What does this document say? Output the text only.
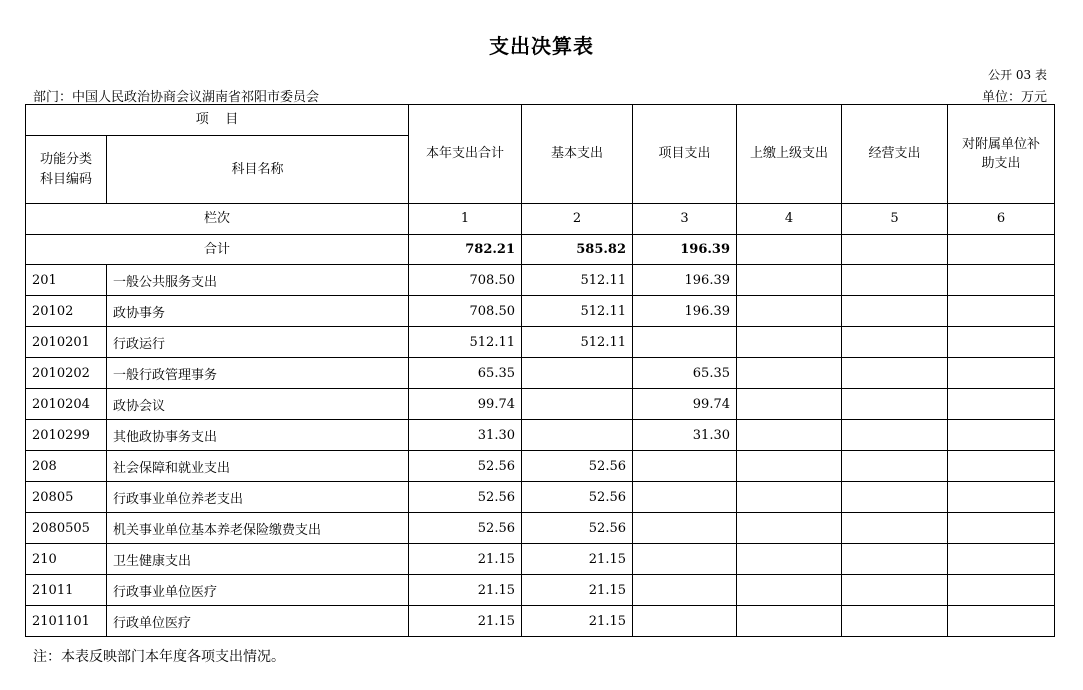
支出决算表
公开 03 表
部门：中国人民政治协商会议湖南省祁阳市委员会	单位：万元
项    目		本年支出合计	基本支出	项目支出	上缴上级支出	经营支出	对附属单位补助支出
功能分类科目编码	科目名称						
栏次		1	2	3	4	5	6
合计		782.21	585.82	196.39			
201	一般公共服务支出	708.50	512.11	196.39			
20102	政协事务	708.50	512.11	196.39			
2010201	行政运行	512.11	512.11				
2010202	一般行政管理事务	65.35		65.35			
2010204	政协会议	99.74		99.74			
2010299	其他政协事务支出	31.30		31.30			
208	社会保障和就业支出	52.56	52.56				
20805	行政事业单位养老支出	52.56	52.56				
2080505	机关事业单位基本养老保险缴费支出	52.56	52.56				
210	卫生健康支出	21.15	21.15				
21011	行政事业单位医疗	21.15	21.15				
2101101	行政单位医疗	21.15	21.15				
注：本表反映部门本年度各项支出情况。
